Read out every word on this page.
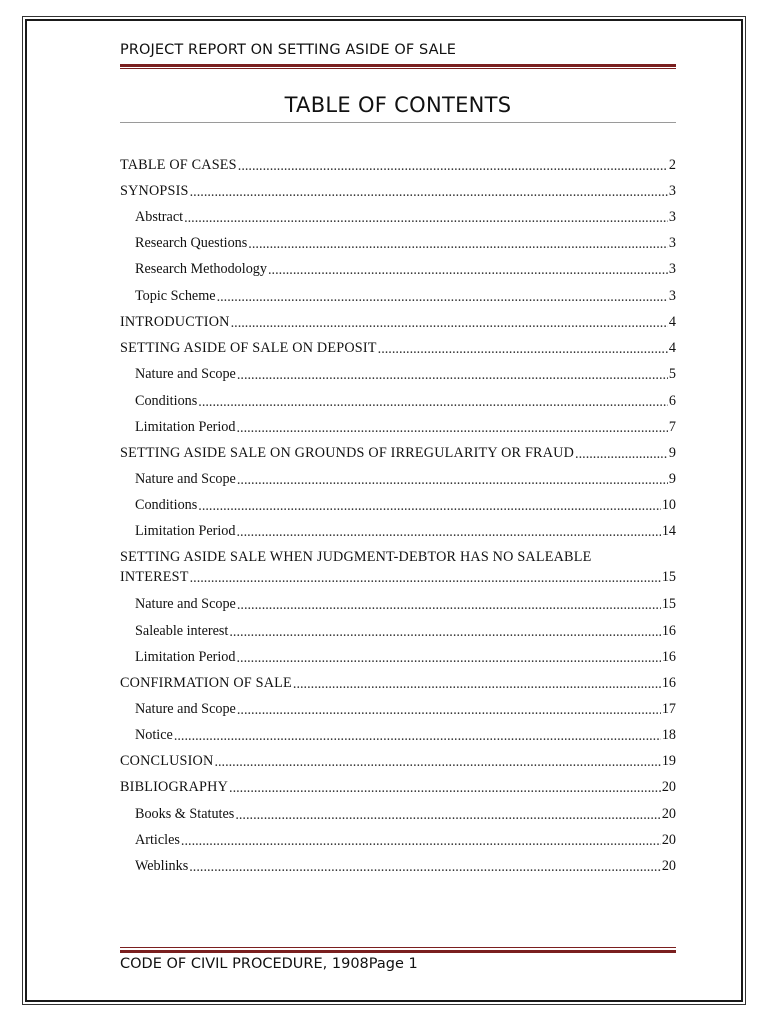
PROJECT REPORT ON SETTING ASIDE OF SALE
TABLE OF CONTENTS
TABLE OF CASES .....	2
SYNOPSIS .....	3
Abstract .....	3
Research Questions .....	3
Research Methodology .....	3
Topic Scheme .....	3
INTRODUCTION .....	4
SETTING ASIDE OF SALE ON DEPOSIT .....	4
Nature and Scope .....	5
Conditions .....	6
Limitation Period .....	7
SETTING ASIDE SALE ON GROUNDS OF IRREGULARITY OR FRAUD .....	9
Nature and Scope .....	9
Conditions .....	10
Limitation Period .....	14
SETTING ASIDE SALE WHEN JUDGMENT-DEBTOR HAS NO SALEABLE
INTEREST .....	15
Nature and Scope .....	15
Saleable interest .....	16
Limitation Period .....	16
CONFIRMATION OF SALE .....	16
Nature and Scope .....	17
Notice .....	18
CONCLUSION .....	19
BIBLIOGRAPHY .....	20
Books & Statutes .....	20
Articles .....	20
Weblinks .....	20
CODE OF CIVIL PROCEDURE, 1908Page 1
